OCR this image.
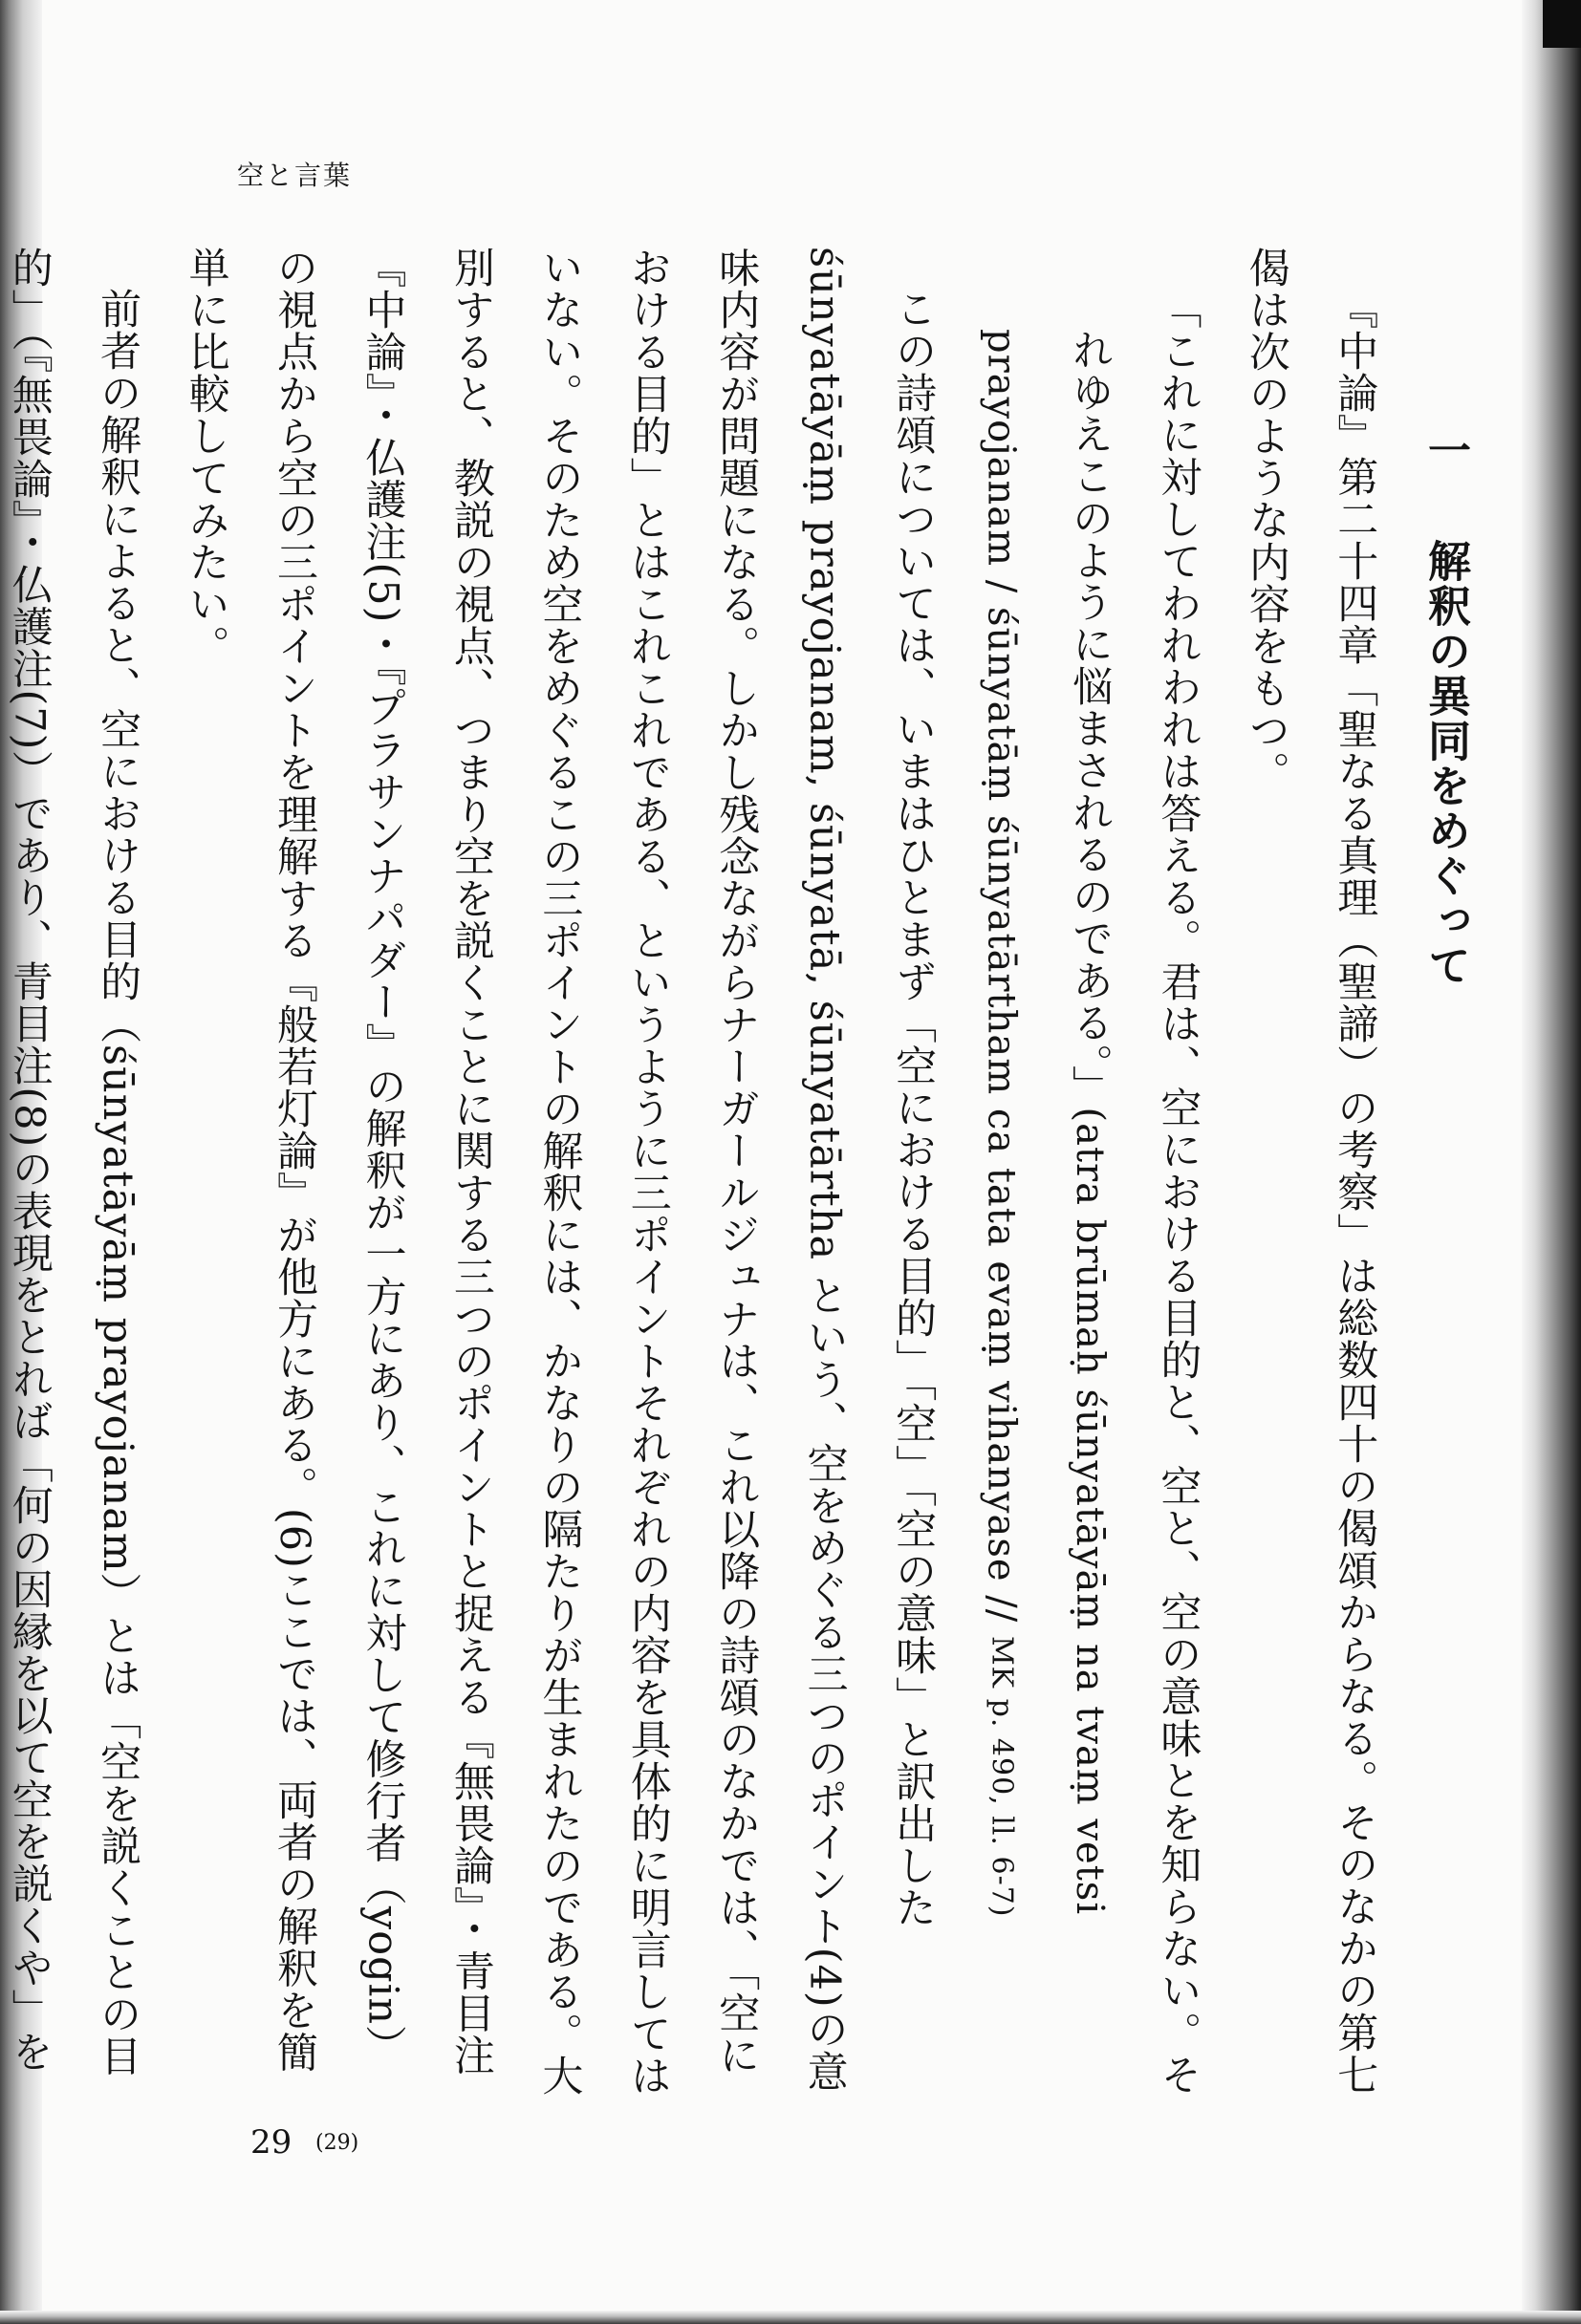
空と言葉
一　解釈の異同をめぐって
『中論』第二十四章「聖なる真理（聖諦）の考察」は総数四十の偈頌からなる。そのなかの第七偈は次のような内容をもつ。
「これに対してわれわれは答える。君は、空における目的と、空と、空の意味とを知らない。それゆえこのように悩まされるのである。」(atra brūmaḥ śūnyatāyāṃ na tvaṃ vetsi prayojanam / śūnyatāṃ śūnyatārtham ca tata evaṃ vihanyase // MK p. 490, ll. 6-7)
この詩頌については、いまはひとまず「空における目的」「空」「空の意味」と訳出した śūnyatāyāṃ prayojanam, śūnyatā, śūnyatārtha という、空をめぐる三つのポイント(4)の意味内容が問題になる。しかし残念ながらナーガールジュナは、これ以降の詩頌のなかでは、「空における目的」とはこれこれである、というように三ポイントそれぞれの内容を具体的に明言してはいない。そのため空をめぐるこの三ポイントの解釈には、かなりの隔たりが生まれたのである。大別すると、教説の視点、つまり空を説くことに関する三つのポイントと捉える『無畏論』・青目注『中論』・仏護注(5)・『プラサンナパダー』の解釈が一方にあり、これに対して修行者（yogin）の視点から空の三ポイントを理解する『般若灯論』が他方にある。(6)ここでは、両者の解釈を簡単に比較してみたい。
前者の解釈によると、空における目的（śūnyatāyāṃ prayojanam）とは「空を説くことの目的」（『無畏論』・仏護注(7)）であり、青目注(8)の表現をとれば「何の因縁を以て空を説くや」を
29 (29)
